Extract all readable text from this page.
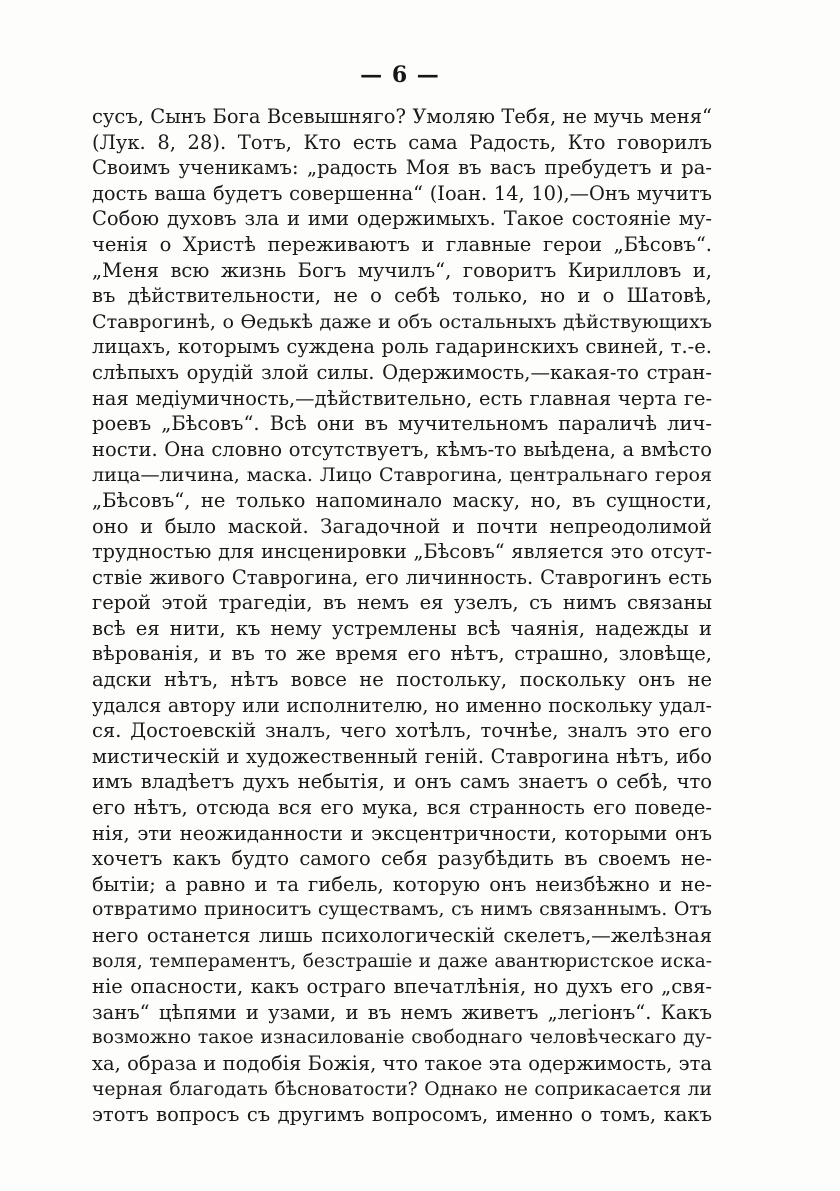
— 6 —
сусъ, Сынъ Бога Всевышняго? Умоляю Тебя, не мучь меня“
(Лук. 8, 28). Тотъ, Кто есть сама Радость, Кто говорилъ
Своимъ ученикамъ: „радость Моя въ васъ пребудетъ и ра-
дость ваша будетъ совершенна“ (Іоан. 14, 10),—Онъ мучитъ
Собою духовъ зла и ими одержимыхъ. Такое состояніе му-
ченія о Христѣ переживаютъ и главные герои „Бѣсовъ“.
„Меня всю жизнь Богъ мучилъ“, говоритъ Кирилловъ и,
въ дѣйствительности, не о себѣ только, но и о Шатовѣ,
Ставрогинѣ, о Ѳедькѣ даже и объ остальныхъ дѣйствующихъ
лицахъ, которымъ суждена роль гадаринскихъ свиней, т.-е.
слѣпыхъ орудій злой силы. Одержимость,—какая-то стран-
ная медіумичность,—дѣйствительно, есть главная черта ге-
роевъ „Бѣсовъ“. Всѣ они въ мучительномъ параличѣ лич-
ности. Она словно отсутствуетъ, кѣмъ-то выѣдена, а вмѣсто
лица—личина, маска. Лицо Ставрогина, центральнаго героя
„Бѣсовъ“, не только напоминало маску, но, въ сущности,
оно и было маской. Загадочной и почти непреодолимой
трудностью для инсценировки „Бѣсовъ“ является это отсут-
ствіе живого Ставрогина, его личинность. Ставрогинъ есть
герой этой трагедіи, въ немъ ея узелъ, съ нимъ связаны
всѣ ея нити, къ нему устремлены всѣ чаянія, надежды и
вѣрованія, и въ то же время его нѣтъ, страшно, зловѣще,
адски нѣтъ, нѣтъ вовсе не постольку, поскольку онъ не
удался автору или исполнителю, но именно поскольку удал-
ся. Достоевскій зналъ, чего хотѣлъ, точнѣе, зналъ это его
мистическій и художественный геній. Ставрогина нѣтъ, ибо
имъ владѣетъ духъ небытія, и онъ самъ знаетъ о себѣ, что
его нѣтъ, отсюда вся его мука, вся странность его поведе-
нія, эти неожиданности и эксцентричности, которыми онъ
хочетъ какъ будто самого себя разубѣдить въ своемъ не-
бытіи; а равно и та гибель, которую онъ неизбѣжно и не-
отвратимо приноситъ существамъ, съ нимъ связаннымъ. Отъ
него останется лишь психологическій скелетъ,—желѣзная
воля, темпераментъ, безстрашіе и даже авантюристское иска-
ніе опасности, какъ остраго впечатлѣнія, но духъ его „свя-
занъ“ цѣпями и узами, и въ немъ живетъ „легіонъ“. Какъ
возможно такое изнасилованіе свободнаго человѣческаго ду-
ха, образа и подобія Божія, что такое эта одержимость, эта
черная благодать бѣсноватости? Однако не соприкасается ли
этотъ вопросъ съ другимъ вопросомъ, именно о томъ, какъ
